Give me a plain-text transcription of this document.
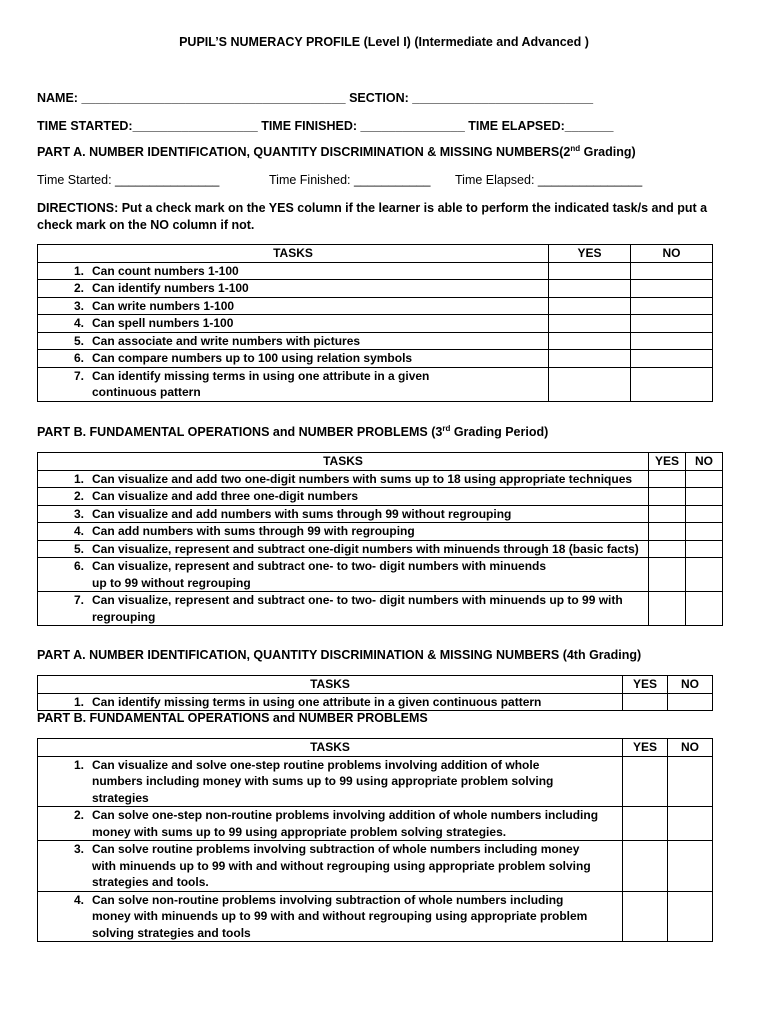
PUPIL’S NUMERACY PROFILE (Level I) (Intermediate and Advanced )
NAME: ______________________________________ SECTION: __________________________
TIME STARTED:__________________ TIME FINISHED: _______________ TIME ELAPSED:_______
PART A. NUMBER IDENTIFICATION, QUANTITY DISCRIMINATION & MISSING NUMBERS(2nd Grading)
Time Started: _______________	Time Finished: ___________ Time Elapsed: _______________
DIRECTIONS: Put a check mark on the YES column if the learner is able to perform the indicated task/s and put a check mark on the NO column if not.
TASKS	YES	NO

1. Can count numbers 1-100		

2. Can identify numbers 1-100		

3. Can write numbers 1-100		

4. Can spell numbers 1-100		

5. Can associate and write numbers with pictures		

6. Can compare numbers up to 100 using relation symbols		

7. Can identify missing terms in using one attribute in a given continuous pattern		

PART B. FUNDAMENTAL OPERATIONS and NUMBER PROBLEMS (3rd Grading Period)
TASKS	YES	NO

1. Can visualize and add two one-digit numbers with sums up to 18 using appropriate techniques		

2. Can visualize and add three one-digit numbers		

3. Can visualize and add numbers with sums through 99 without regrouping		

4. Can add numbers with sums through 99 with regrouping		

5. Can visualize, represent and subtract one-digit numbers with minuends through 18 (basic facts)		

6. Can visualize, represent and subtract one- to two- digit numbers with minuends up to 99 without regrouping		

7. Can visualize, represent and subtract one- to two- digit numbers with minuends up to 99 with regrouping		

PART A. NUMBER IDENTIFICATION, QUANTITY DISCRIMINATION & MISSING NUMBERS (4th Grading)
TASKS	YES	NO

1. Can identify missing terms in using one attribute in a given continuous pattern		

PART B. FUNDAMENTAL OPERATIONS and NUMBER PROBLEMS
TASKS	YES	NO

1. Can visualize and solve one-step routine problems involving addition of whole numbers including money with sums up to 99 using appropriate problem solving strategies		

2. Can solve one-step non-routine problems involving addition of whole numbers including money with sums up to 99 using appropriate problem solving strategies.		

3. Can solve routine problems involving subtraction of whole numbers including money with minuends up to 99 with and without regrouping using appropriate problem solving strategies and tools.		

4. Can solve non-routine problems involving subtraction of whole numbers including money with minuends up to 99 with and without regrouping using appropriate problem solving strategies and tools		
